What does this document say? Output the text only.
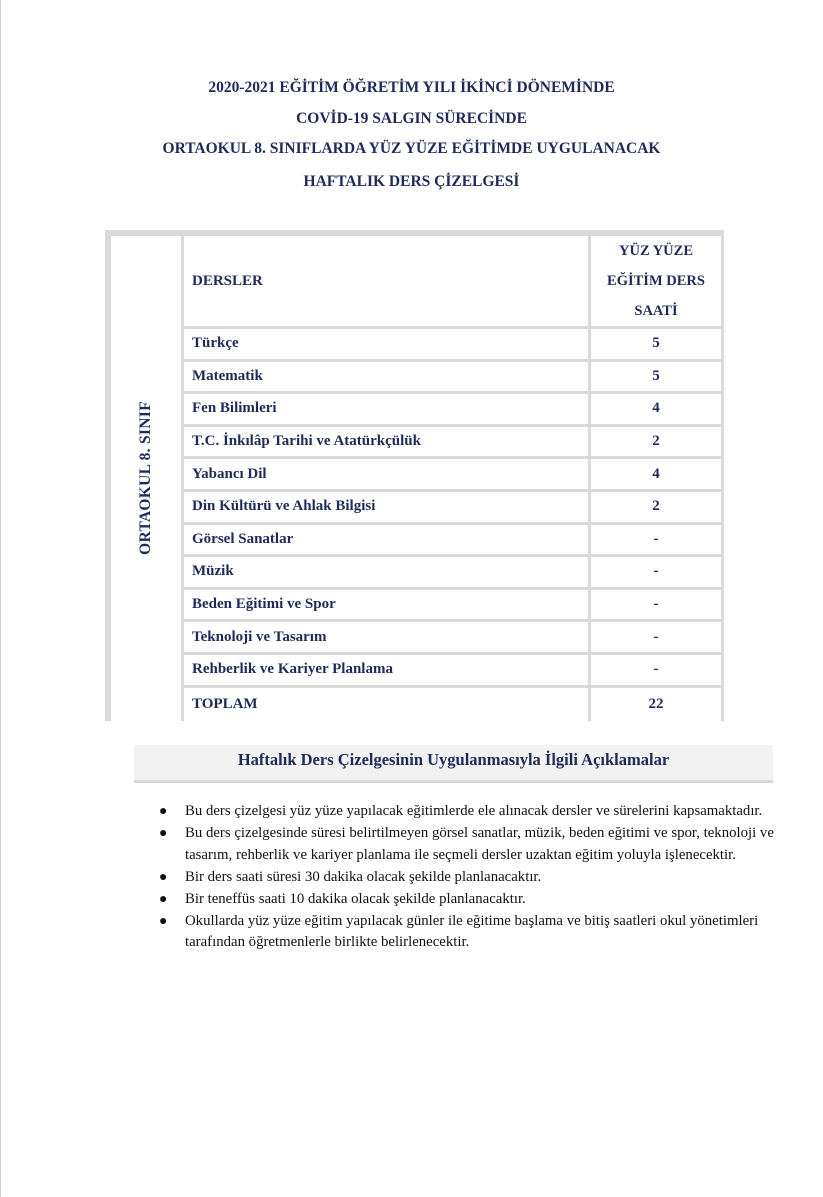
2020-2021 EĞİTİM ÖĞRETİM YILI İKİNCİ DÖNEMİNDE
COVİD-19 SALGIN SÜRECİNDE
ORTAOKUL 8. SINIFLARDA YÜZ YÜZE EĞİTİMDE UYGULANACAK
HAFTALIK DERS ÇİZELGESİ
ORTAOKUL 8. SINIF	DERSLER	YÜZ YÜZE
EĞİTİM DERS
SAATİ

	Türkçe	5
	Matematik	5
	Fen Bilimleri	4
	T.C. İnkılâp Tarihi ve Atatürkçülük	2
	Yabancı Dil	4
	Din Kültürü ve Ahlak Bilgisi	2
	Görsel Sanatlar	-
	Müzik	-
	Beden Eğitimi ve Spor	-
	Teknoloji ve Tasarım	-
	Rehberlik ve Kariyer Planlama	-
	TOPLAM	22
Haftalık Ders Çizelgesinin Uygulanmasıyla İlgili Açıklamalar
● Bu ders çizelgesi yüz yüze yapılacak eğitimlerde ele alınacak dersler ve sürelerini kapsamaktadır.
● Bu ders çizelgesinde süresi belirtilmeyen görsel sanatlar, müzik, beden eğitimi ve spor, teknoloji ve tasarım, rehberlik ve kariyer planlama ile seçmeli dersler uzaktan eğitim yoluyla işlenecektir.
● Bir ders saati süresi 30 dakika olacak şekilde planlanacaktır.
● Bir teneffüs saati 10 dakika olacak şekilde planlanacaktır.
● Okullarda yüz yüze eğitim yapılacak günler ile eğitime başlama ve bitiş saatleri okul yönetimleri tarafından öğretmenlerle birlikte belirlenecektir.
